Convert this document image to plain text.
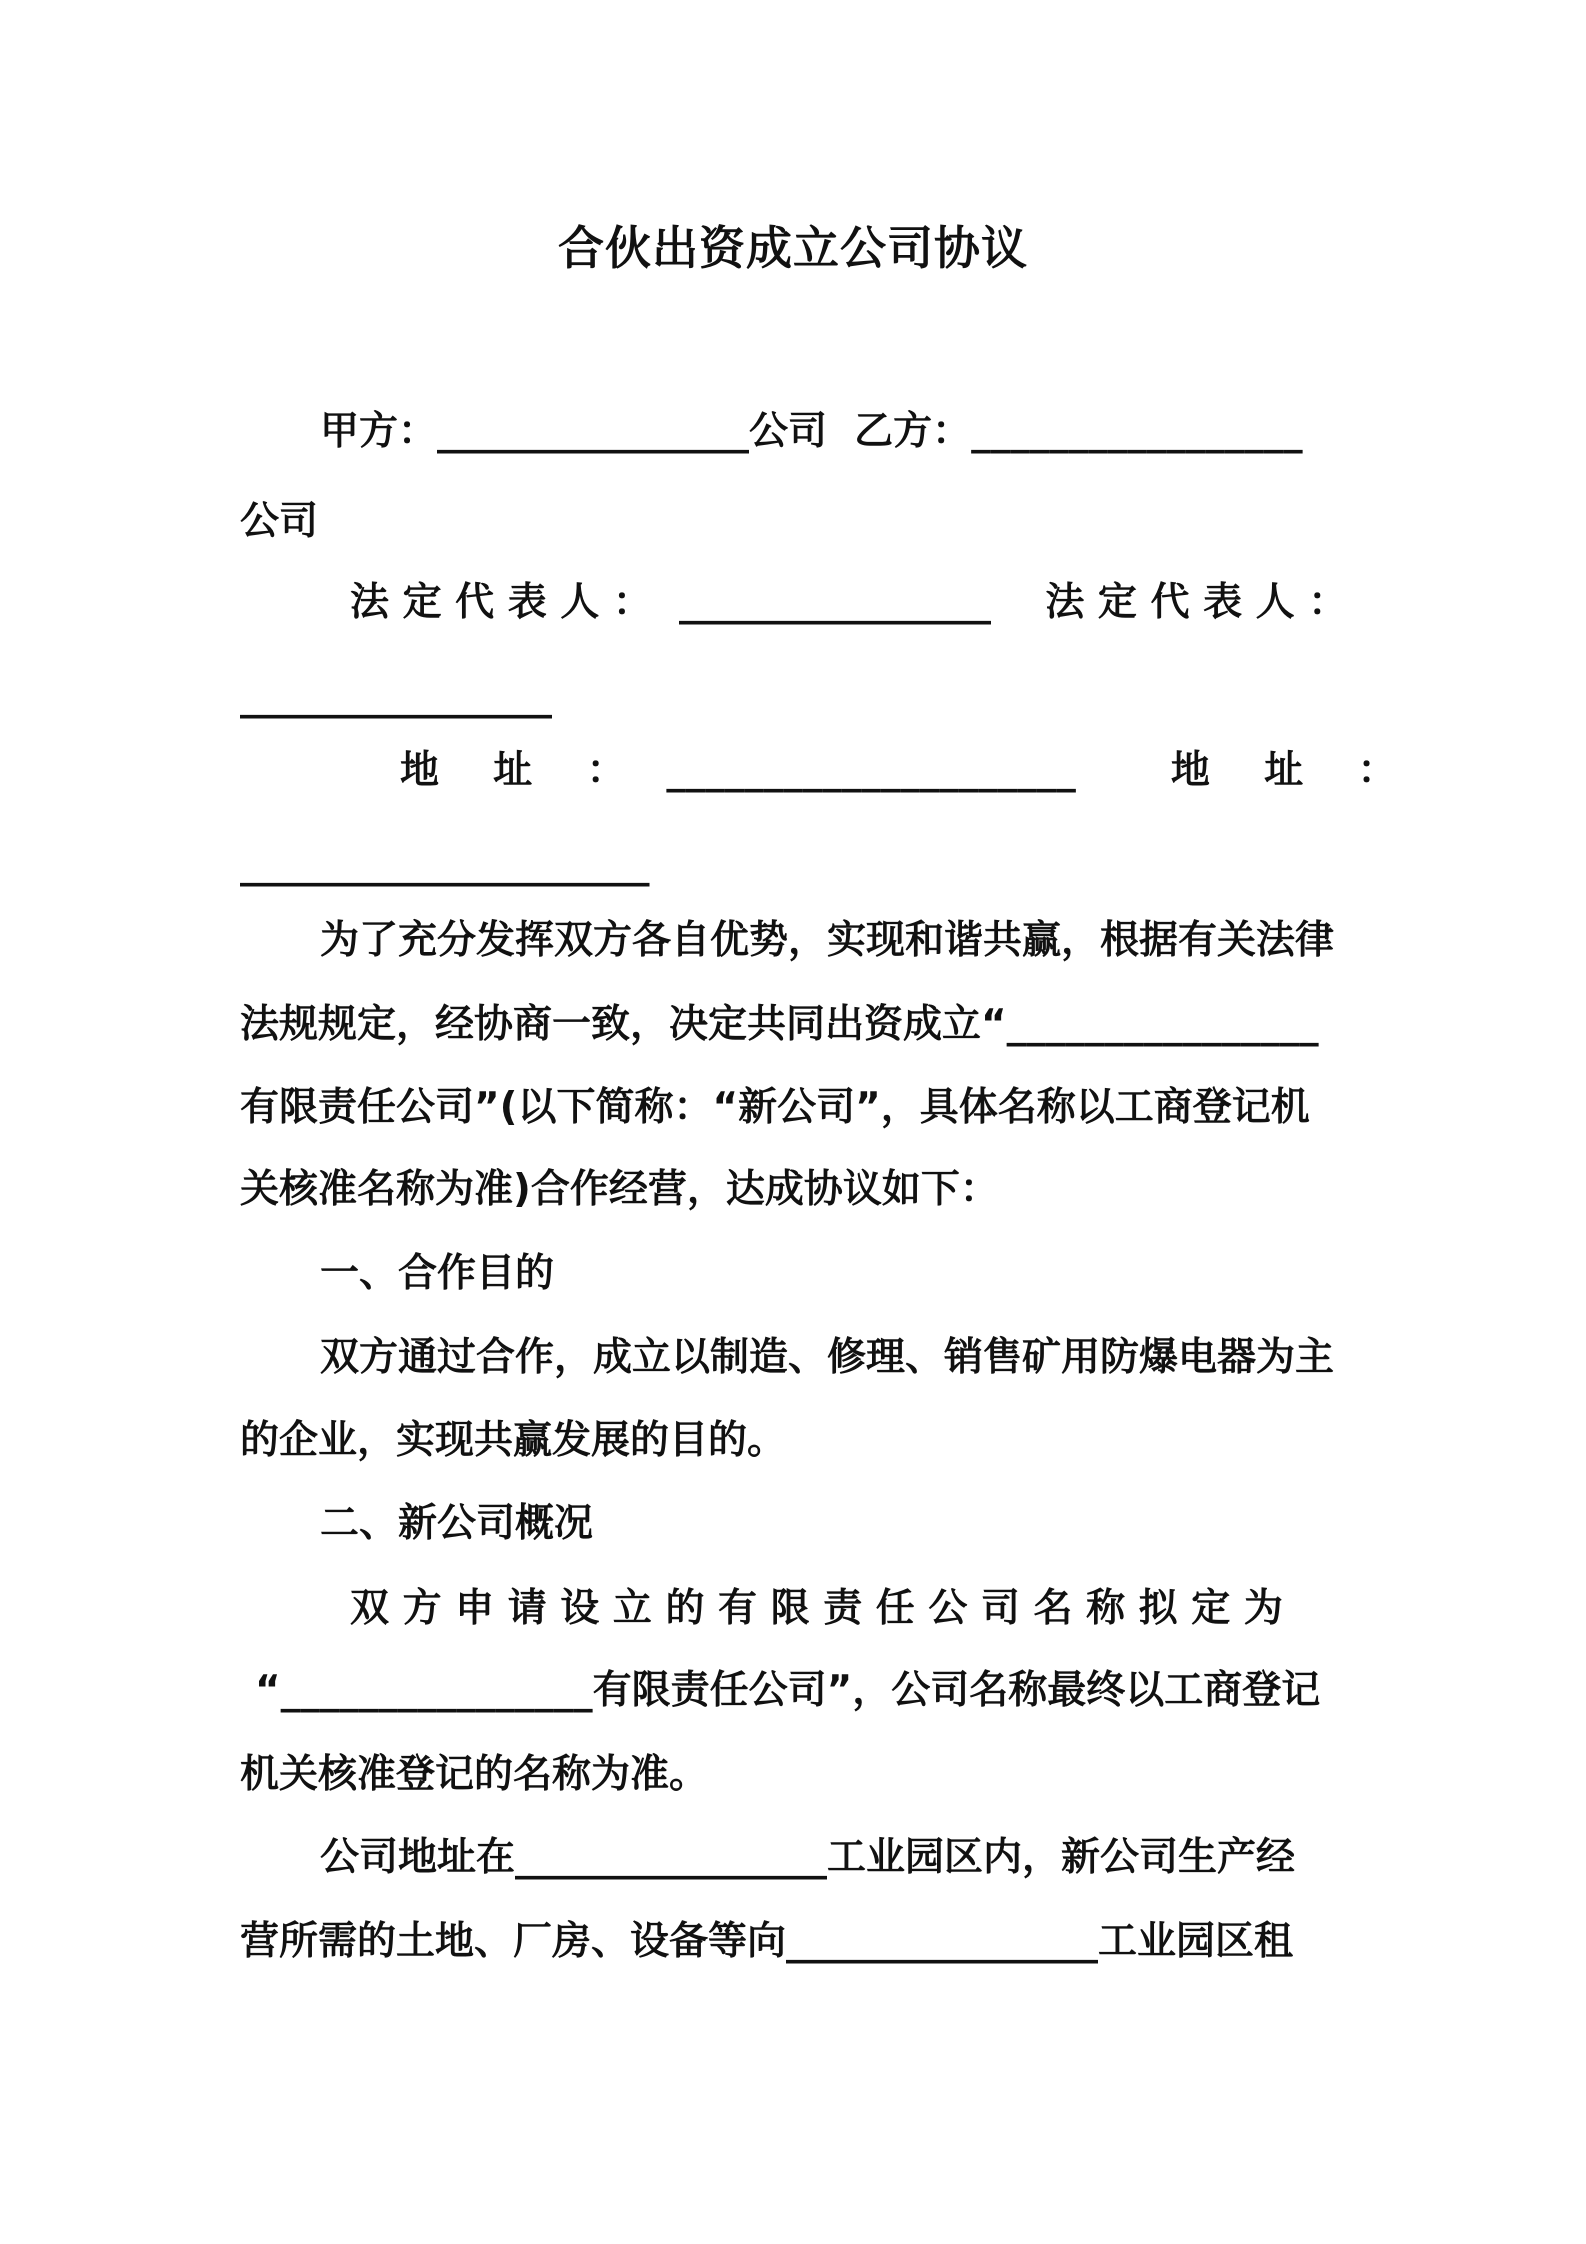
合伙出资成立公司协议
甲方：________________公司  乙方：_________________
公司
法 定 代 表 人 ：  ________________    法 定 代 表 人 ：
________________
地    址    ：   _____________________       地    址    ：
_____________________
为了充分发挥双方各自优势，实现和谐共赢，根据有关法律
法规规定，经协商一致，决定共同出资成立“________________
有限责任公司”(以下简称：“新公司”，具体名称以工商登记机
关核准名称为准)合作经营，达成协议如下：
一、合作目的
双方通过合作，成立以制造、修理、销售矿用防爆电器为主
的企业，实现共赢发展的目的。
二、新公司概况
双 方 申 请 设 立 的 有 限 责 任 公 司 名 称 拟 定 为
“________________有限责任公司”，公司名称最终以工商登记
机关核准登记的名称为准。
公司地址在________________工业园区内，新公司生产经
营所需的土地、厂房、设备等向________________工业园区租
